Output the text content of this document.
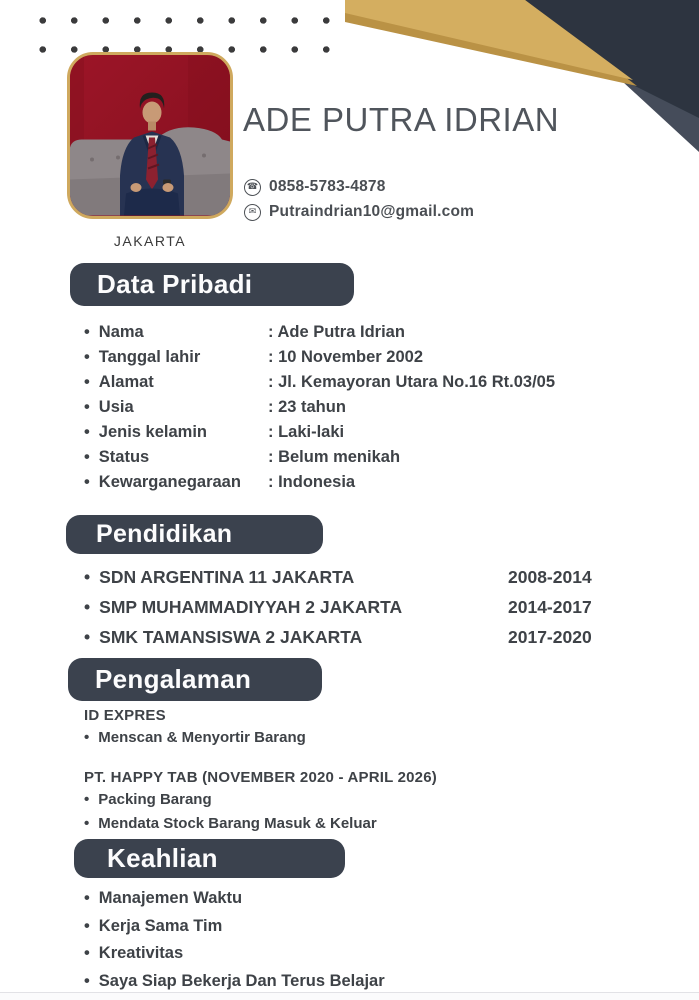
JAKARTA
ADE PUTRA IDRIAN
☎ 0858-5783-4878
✉ Putraindrian10@gmail.com
Data Pribadi
• Nama	: Ade Putra Idrian
• Tanggal lahir	: 10 November 2002
• Alamat	: Jl. Kemayoran Utara No.16 Rt.03/05
• Usia	: 23 tahun
• Jenis kelamin	: Laki-laki
• Status	: Belum menikah
• Kewarganegaraan	: Indonesia
Pendidikan
• SDN ARGENTINA 11 JAKARTA	2008-2014
• SMP MUHAMMADIYYAH 2 JAKARTA	2014-2017
• SMK TAMANSISWA 2 JAKARTA	2017-2020
Pengalaman
ID EXPRES
• Menscan & Menyortir Barang
PT. HAPPY TAB (NOVEMBER 2020 - APRIL 2026)
• Packing Barang
• Mendata Stock Barang Masuk & Keluar
Keahlian
• Manajemen Waktu
• Kerja Sama Tim
• Kreativitas
• Saya Siap Bekerja Dan Terus Belajar
